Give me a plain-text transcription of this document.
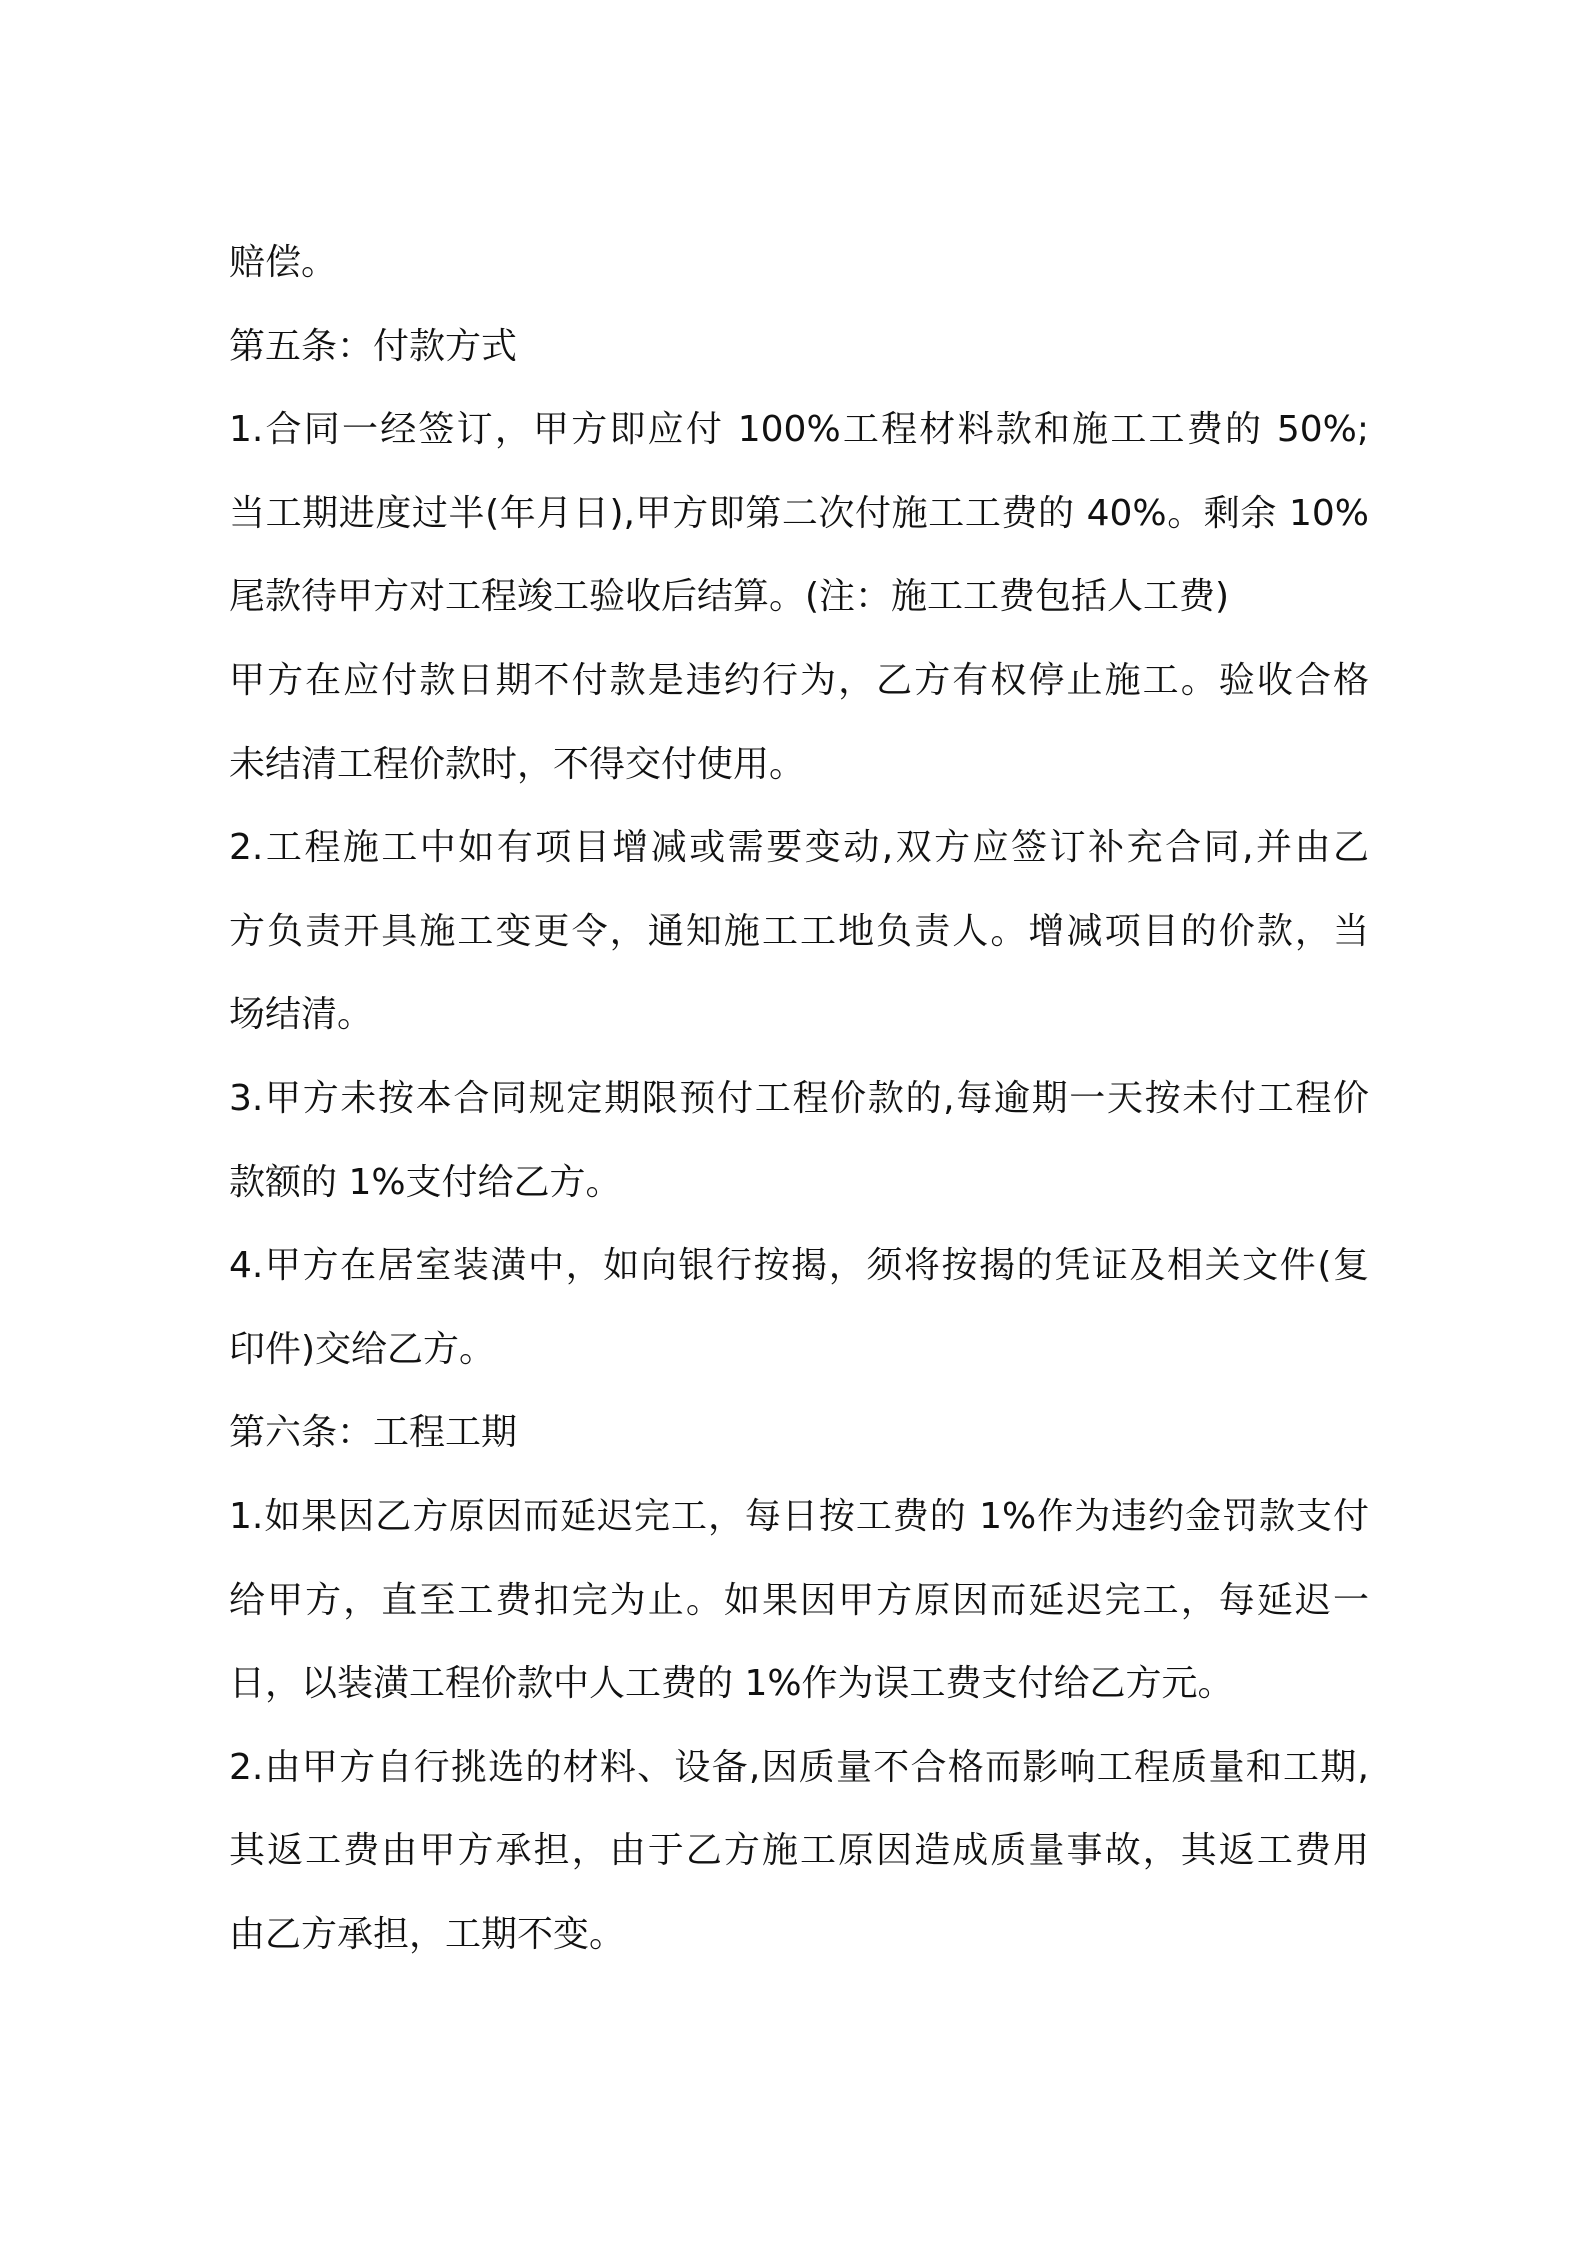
赔偿。
第五条：付款方式
1.合同一经签订，甲方即应付 100%工程材料款和施工工费的 50%;
当工期进度过半(年月日),甲方即第二次付施工工费的 40%。剩余 10%
尾款待甲方对工程竣工验收后结算。(注：施工工费包括人工费)
甲方在应付款日期不付款是违约行为，乙方有权停止施工。验收合格
未结清工程价款时，不得交付使用。
2.工程施工中如有项目增减或需要变动,双方应签订补充合同,并由乙
方负责开具施工变更令，通知施工工地负责人。增减项目的价款，当
场结清。
3.甲方未按本合同规定期限预付工程价款的,每逾期一天按未付工程价
款额的 1%支付给乙方。
4.甲方在居室装潢中，如向银行按揭，须将按揭的凭证及相关文件(复
印件)交给乙方。
第六条：工程工期
1.如果因乙方原因而延迟完工，每日按工费的 1%作为违约金罚款支付
给甲方，直至工费扣完为止。如果因甲方原因而延迟完工，每延迟一
日，以装潢工程价款中人工费的 1%作为误工费支付给乙方元。
2.由甲方自行挑选的材料、设备,因质量不合格而影响工程质量和工期,
其返工费由甲方承担，由于乙方施工原因造成质量事故，其返工费用
由乙方承担，工期不变。
